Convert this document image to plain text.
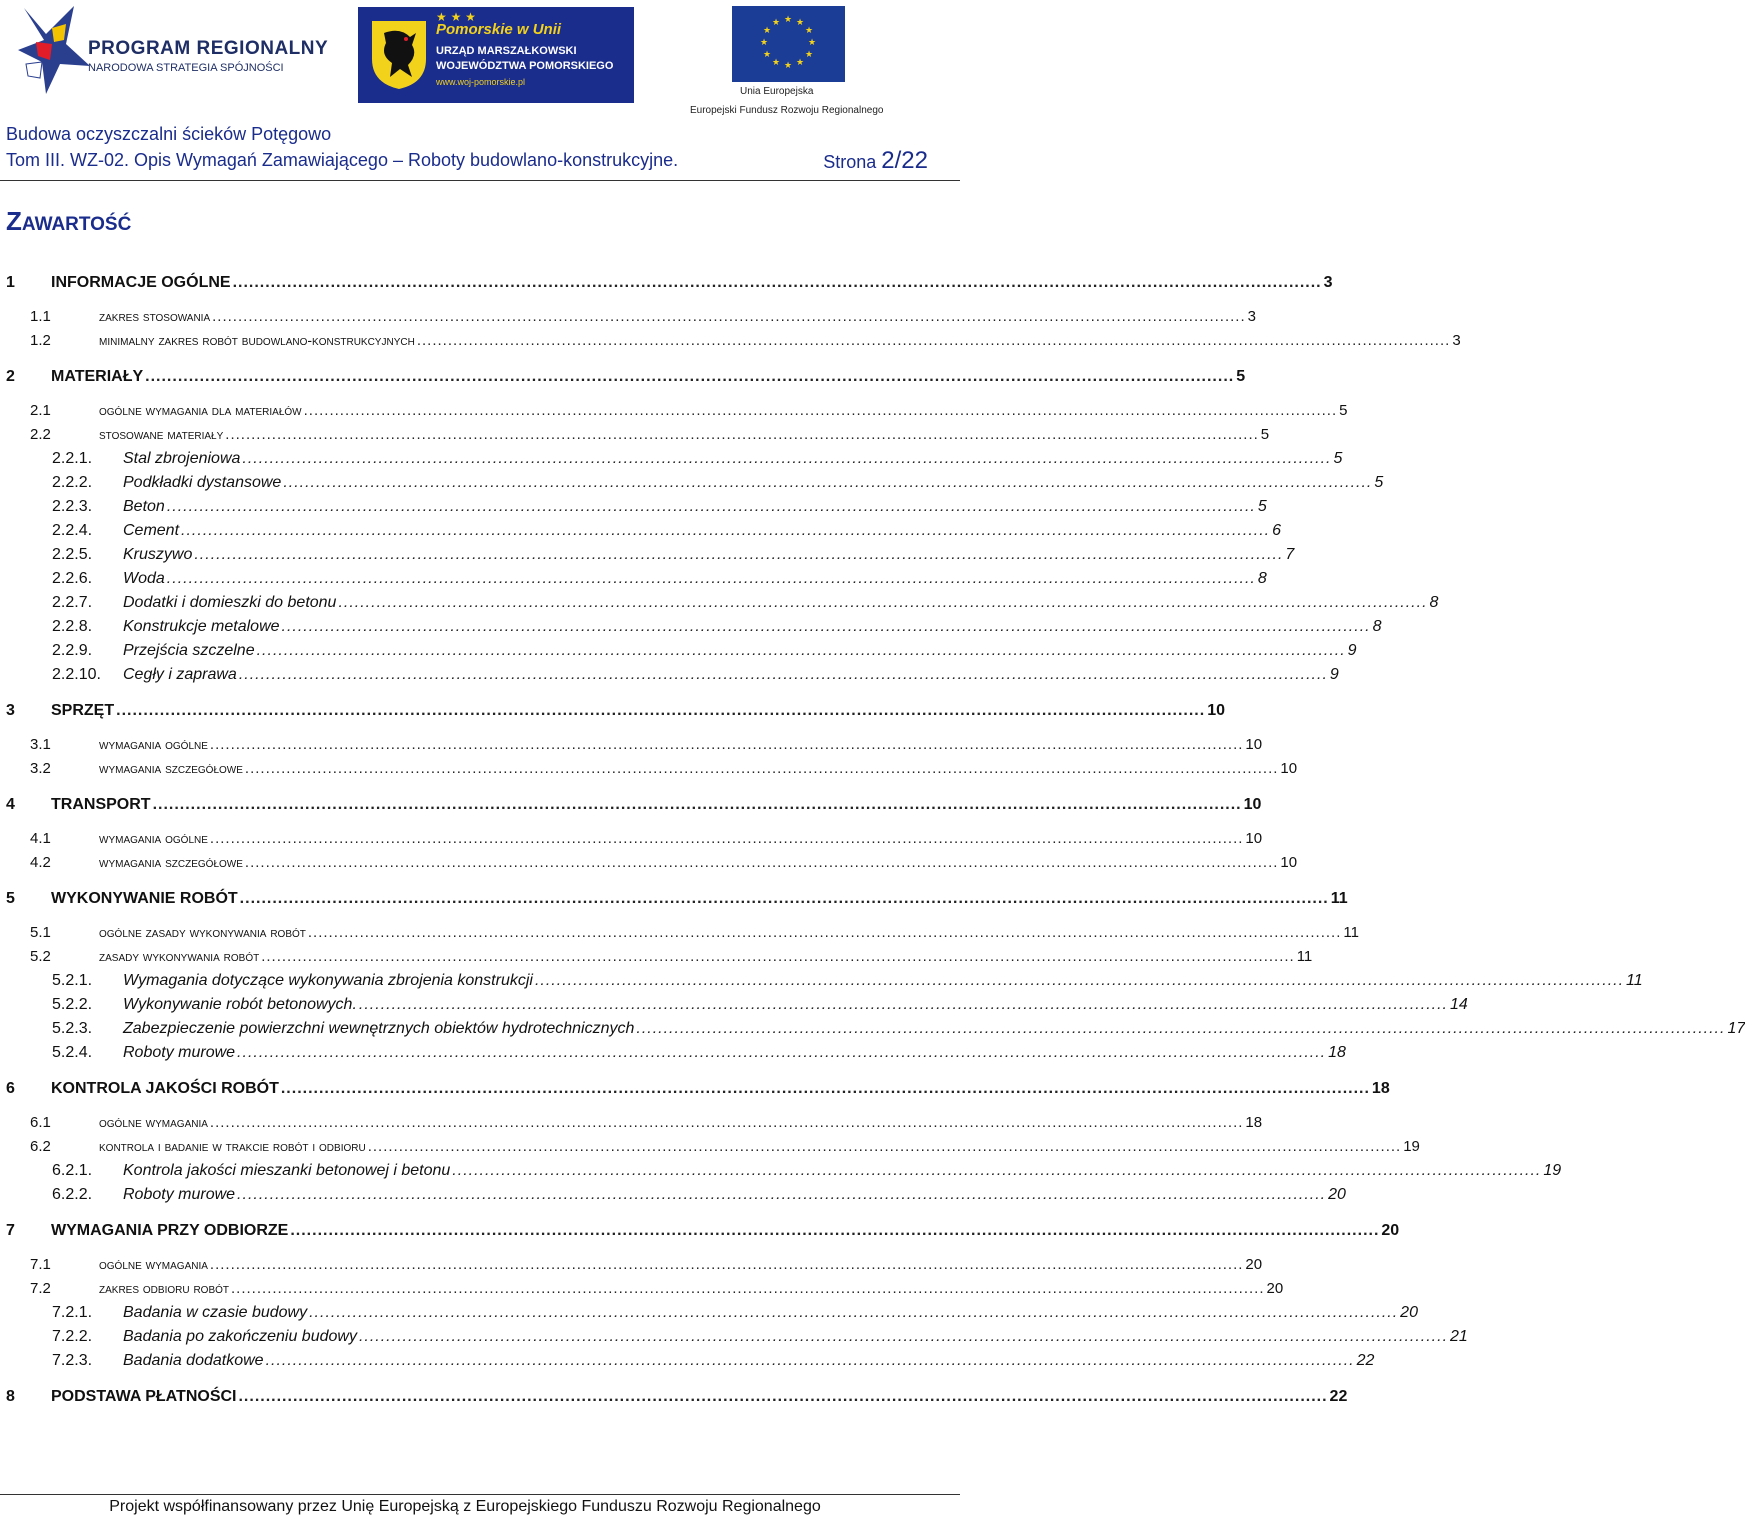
PROGRAM REGIONALNY
NARODOWA STRATEGIA SPÓJNOŚCI
★ ★ ★
Pomorskie w Unii
URZĄD MARSZAŁKOWSKI
WOJEWÓDZTWA POMORSKIEGO
www.woj-pomorskie.pl
★ ★
★
★
★
★
★
★
★
★
★
★
Unia Europejska
Europejski Fundusz Rozwoju Regionalnego
Budowa oczyszczalni ścieków Potęgowo
Tom III. WZ-02. Opis Wymagań Zamawiającego – Roboty budowlano-konstrukcyjne.	Strona 2/22
ZAWARTOŚĆ
1	INFORMACJE OGÓLNE ........................................................................................................................................................................................................ 3
1.1	zakres stosowania ........................................................................................................................................................................................................ 3
1.2	minimalny zakres robót budowlano-konstrukcyjnych ........................................................................................................................................................................................................ 3
2	MATERIAŁY ........................................................................................................................................................................................................ 5
2.1	ogólne wymagania dla materiałów ........................................................................................................................................................................................................ 5
2.2	stosowane materiały ........................................................................................................................................................................................................ 5
2.2.1.	Stal zbrojeniowa ........................................................................................................................................................................................................ 5
2.2.2.	Podkładki dystansowe ........................................................................................................................................................................................................ 5
2.2.3.	Beton ........................................................................................................................................................................................................ 5
2.2.4.	Cement ........................................................................................................................................................................................................ 6
2.2.5.	Kruszywo ........................................................................................................................................................................................................ 7
2.2.6.	Woda ........................................................................................................................................................................................................ 8
2.2.7.	Dodatki i domieszki do betonu ........................................................................................................................................................................................................ 8
2.2.8.	Konstrukcje metalowe ........................................................................................................................................................................................................ 8
2.2.9.	Przejścia szczelne ........................................................................................................................................................................................................ 9
2.2.10.	Cegły i zaprawa ........................................................................................................................................................................................................ 9
3	SPRZĘT ........................................................................................................................................................................................................ 10
3.1	wymagania ogólne ........................................................................................................................................................................................................ 10
3.2	wymagania szczegółowe ........................................................................................................................................................................................................ 10
4	TRANSPORT ........................................................................................................................................................................................................ 10
4.1	wymagania ogólne ........................................................................................................................................................................................................ 10
4.2	wymagania szczegółowe ........................................................................................................................................................................................................ 10
5	WYKONYWANIE ROBÓT ........................................................................................................................................................................................................ 11
5.1	ogólne zasady wykonywania robót ........................................................................................................................................................................................................ 11
5.2	zasady wykonywania robót ........................................................................................................................................................................................................ 11
5.2.1.	Wymagania dotyczące wykonywania zbrojenia konstrukcji ........................................................................................................................................................................................................ 11
5.2.2.	Wykonywanie robót betonowych. ........................................................................................................................................................................................................ 14
5.2.3.	Zabezpieczenie powierzchni wewnętrznych obiektów hydrotechnicznych ........................................................................................................................................................................................................ 17
5.2.4.	Roboty murowe ........................................................................................................................................................................................................ 18
6	KONTROLA JAKOŚCI ROBÓT ........................................................................................................................................................................................................ 18
6.1	ogólne wymagania ........................................................................................................................................................................................................ 18
6.2	kontrola i badanie w trakcie robót i odbioru ........................................................................................................................................................................................................ 19
6.2.1.	Kontrola jakości mieszanki betonowej i betonu ........................................................................................................................................................................................................ 19
6.2.2.	Roboty murowe ........................................................................................................................................................................................................ 20
7	WYMAGANIA PRZY ODBIORZE ........................................................................................................................................................................................................ 20
7.1	ogólne wymagania ........................................................................................................................................................................................................ 20
7.2	zakres odbioru robót ........................................................................................................................................................................................................ 20
7.2.1.	Badania w czasie budowy ........................................................................................................................................................................................................ 20
7.2.2.	Badania po zakończeniu budowy ........................................................................................................................................................................................................ 21
7.2.3.	Badania dodatkowe ........................................................................................................................................................................................................ 22
8	PODSTAWA PŁATNOŚCI ........................................................................................................................................................................................................ 22
Projekt współfinansowany przez Unię Europejską z Europejskiego Funduszu Rozwoju Regionalnego
